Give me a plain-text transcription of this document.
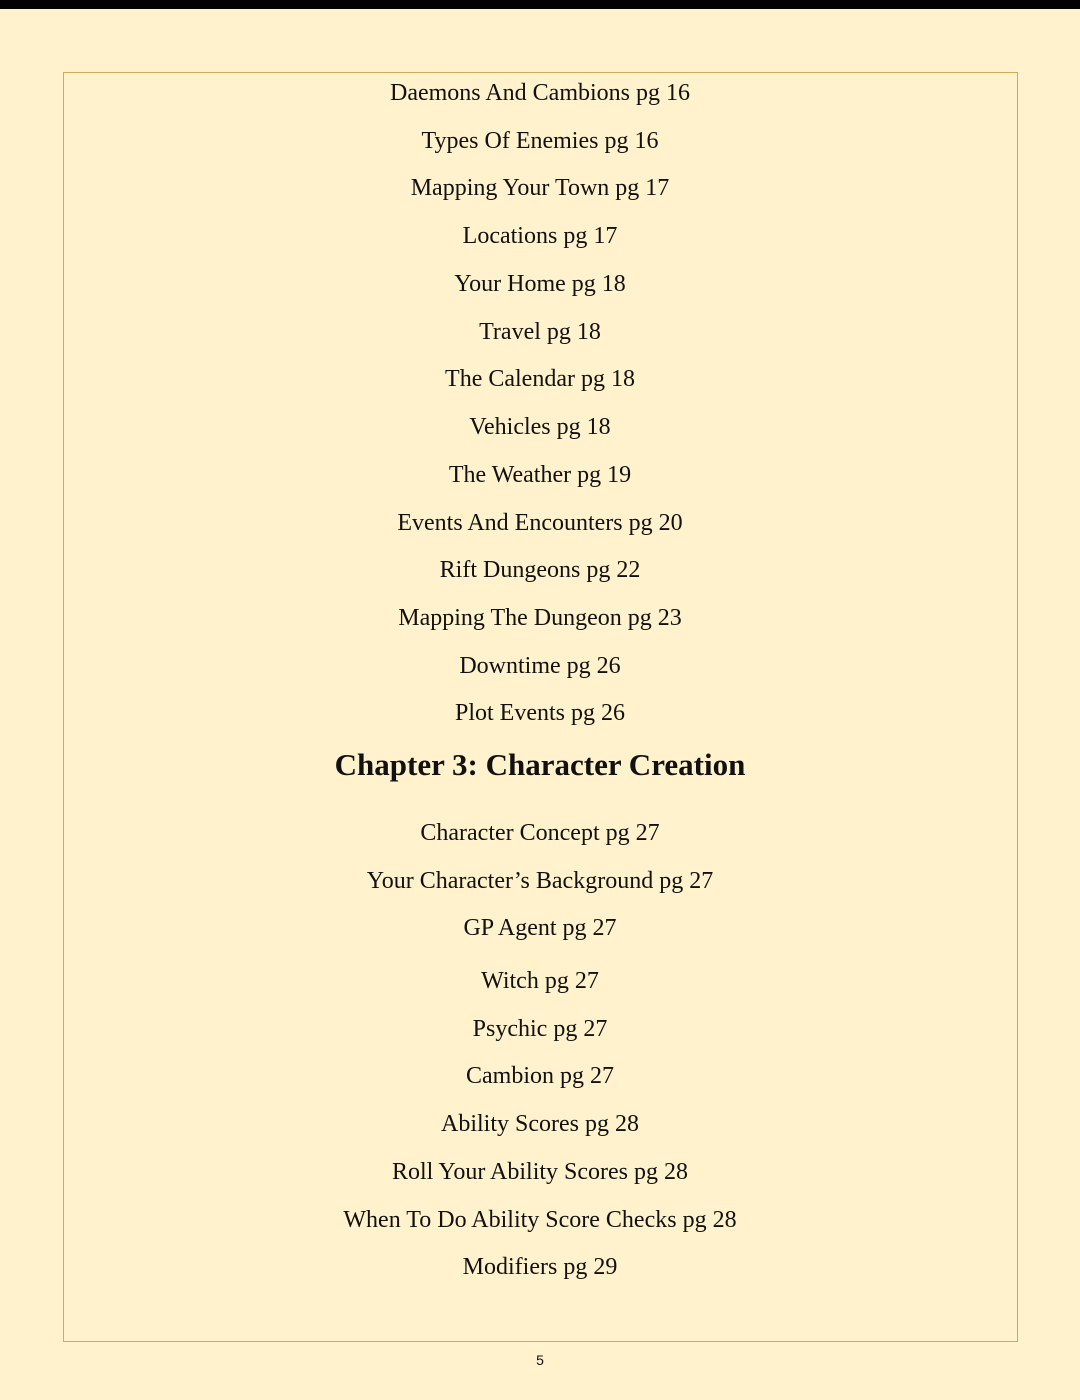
Daemons And Cambions pg 16
Types Of Enemies pg 16
Mapping Your Town pg 17
Locations pg 17
Your Home pg 18
Travel pg 18
The Calendar pg 18
Vehicles pg 18
The Weather pg 19
Events And Encounters pg 20
Rift Dungeons pg 22
Mapping The Dungeon pg 23
Downtime pg 26
Plot Events pg 26
Chapter 3: Character Creation
Character Concept pg 27
Your Character’s Background pg 27
GP Agent pg 27
Witch pg 27
Psychic pg 27
Cambion pg 27
Ability Scores pg 28
Roll Your Ability Scores pg 28
When To Do Ability Score Checks pg 28
Modifiers pg 29
5
